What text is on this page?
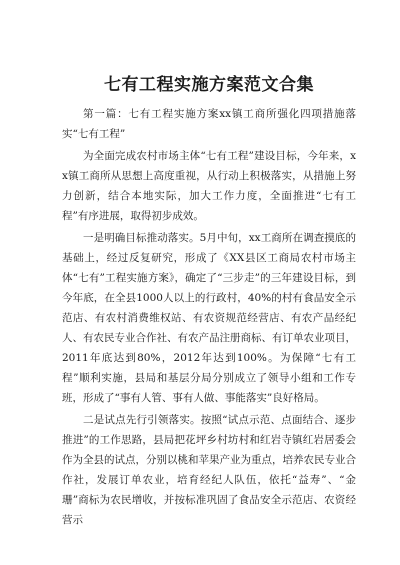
七有工程实施方案范文合集

第一篇：七有工程实施方案xx镇工商所强化四项措施落实“七有工程”

为全面完成农村市场主体“七有工程”建设目标，今年来，xx镇工商所从思想上高度重视，从行动上积极落实，从措施上努力创新，结合本地实际，加大工作力度，全面推进“七有工程”有序进展，取得初步成效。

一是明确目标推动落实。5月中旬，xx工商所在调查摸底的基础上，经过反复研究，形成了《XX县区工商局农村市场主体“七有”工程实施方案》，确定了“三步走”的三年建设目标，到今年底，在全县1000人以上的行政村，40%的村有食品安全示范店、有农村消费维权站、有农资规范经营店、有农产品经纪人、有农民专业合作社、有农产品注册商标、有订单农业项目，2011年底达到80%，2012年达到100%。为保障“七有工程”顺利实施，县局和基层分局分别成立了领导小组和工作专班，形成了“事有人管、事有人做、事能落实”良好格局。

二是试点先行引领落实。按照“试点示范、点面结合、逐步推进”的工作思路，县局把花坪乡村坊村和红岩寺镇红岩居委会作为全县的试点，分别以桃和苹果产业为重点，培养农民专业合作社，发展订单农业，培育经纪人队伍，依托“益寿”、“金珊”商标为农民增收，并按标准巩固了食品安全示范店、农资经营示
